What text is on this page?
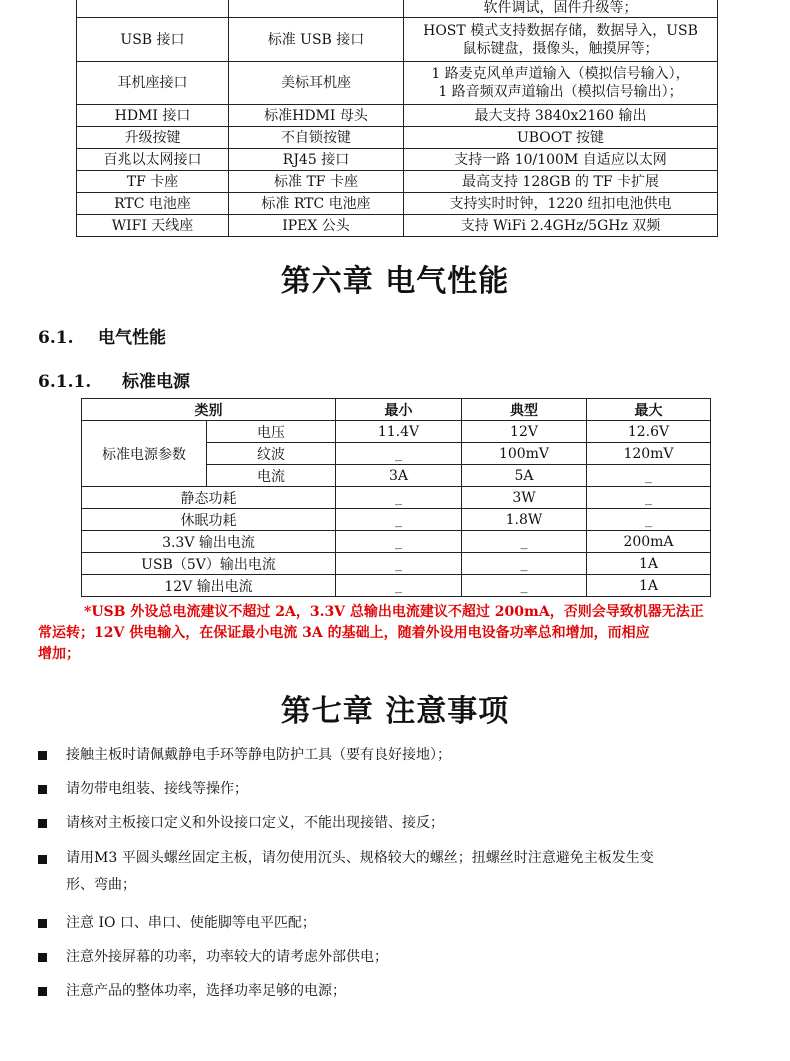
		软件调试，固件升级等；
USB 接口	标准 USB 接口	HOST 模式支持数据存储，数据导入，USB
鼠标键盘，摄像头，触摸屏等；

耳机座接口	美标耳机座	1 路麦克风单声道输入（模拟信号输入），
1 路音频双声道输出（模拟信号输出）；

HDMI 接口	标准HDMI 母头	最大支持 3840x2160 输出
升级按键	不自锁按键	UBOOT 按键
百兆以太网接口	RJ45 接口	支持一路 10/100M 自适应以太网
TF 卡座	标准 TF 卡座	最高支持 128GB 的 TF 卡扩展
RTC 电池座	标准 RTC 电池座	支持实时时钟，1220 纽扣电池供电
WIFI 天线座	IPEX 公头	支持 WiFi 2.4GHz/5GHz 双频
第六章 电气性能
6.1. 电气性能
6.1.1. 标准电源
类别		最小	典型	最大
标准电源参数	电压	11.4V	12V	12.6V
	纹波	_	100mV	120mV
	电流	3A	5A	_
静态功耗		_	3W	_
休眠功耗		_	1.8W	_
3.3V 输出电流		_	_	200mA
USB（5V）输出电流		_	_	1A
12V 输出电流		_	_	1A
*USB 外设总电流建议不超过 2A，3.3V 总输出电流建议不超过 200mA，否则会导致机器无法正
常运转；12V 供电输入，在保证最小电流 3A 的基础上，随着外设用电设备功率总和增加，而相应
增加；
第七章 注意事项
接触主板时请佩戴静电手环等静电防护工具（要有良好接地）；
请勿带电组装、接线等操作；
请核对主板接口定义和外设接口定义，不能出现接错、接反；
请用M3 平圆头螺丝固定主板，请勿使用沉头、规格较大的螺丝；扭螺丝时注意避免主板发生变
形、弯曲；
注意 IO 口、串口、使能脚等电平匹配；
注意外接屏幕的功率，功率较大的请考虑外部供电；
注意产品的整体功率，选择功率足够的电源；
